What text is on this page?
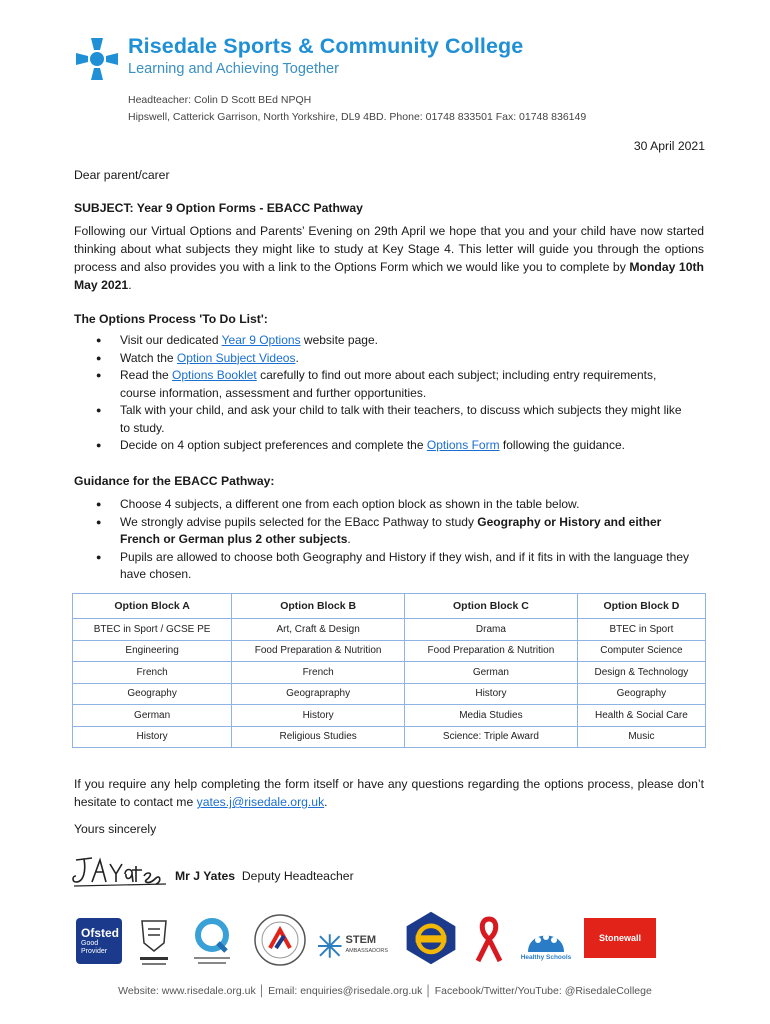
Risedale Sports & Community College
Learning and Achieving Together
Headteacher: Colin D Scott BEd NPQH
Hipswell, Catterick Garrison, North Yorkshire, DL9 4BD. Phone: 01748 833501 Fax: 01748 836149
30 April 2021
Dear parent/carer
SUBJECT: Year 9 Option Forms - EBACC Pathway
Following our Virtual Options and Parents’ Evening on 29th April we hope that you and your child have now started thinking about what subjects they might like to study at Key Stage 4. This letter will guide you through the options process and also provides you with a link to the Options Form which we would like you to complete by Monday 10th May 2021.
The Options Process 'To Do List':
● Visit our dedicated Year 9 Options website page.
● Watch the Option Subject Videos.
● Read the Options Booklet carefully to find out more about each subject; including entry requirements, course information, assessment and further opportunities.
● Talk with your child, and ask your child to talk with their teachers, to discuss which subjects they might like to study.
● Decide on 4 option subject preferences and complete the Options Form following the guidance.
Guidance for the EBACC Pathway:
● Choose 4 subjects, a different one from each option block as shown in the table below.
● We strongly advise pupils selected for the EBacc Pathway to study Geography or History and either French or German plus 2 other subjects.
● Pupils are allowed to choose both Geography and History if they wish, and if it fits in with the language they have chosen.
Option Block A	Option Block B	Option Block C	Option Block D
BTEC in Sport / GCSE PE	Art, Craft & Design	Drama	BTEC in Sport
Engineering	Food Preparation & Nutrition	Food Preparation & Nutrition	Computer Science
French	French	German	Design & Technology
Geography	Geograpraphy	History	Geography
German	History	Media Studies	Health & Social Care
History	Religious Studies	Science: Triple Award	Music
If you require any help completing the form itself or have any questions regarding the options process, please don’t hesitate to contact me yates.j@risedale.org.uk.
Yours sincerely
Mr J Yates Deputy Headteacher
Ofsted
Good
Provider
STEM
AMBASSADORS
Healthy Schools
Stonewall
Website: www.risedale.org.uk │ Email: enquiries@risedale.org.uk │ Facebook/Twitter/YouTube: @RisedaleCollege
